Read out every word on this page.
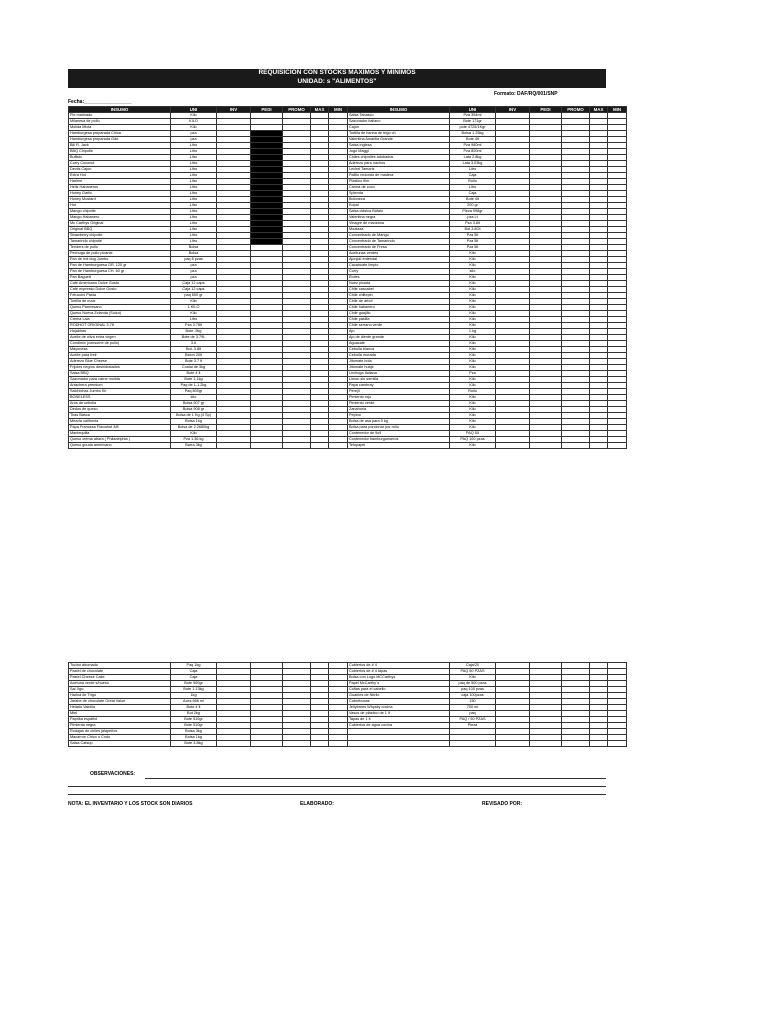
REQUISICIÓN CON STOCKS MAXIMOS Y MINIMOS
UNIDAD: s "ALIMENTOS"
Formato: DAF/RQ/001/SNP
Fecha:_________________
INSUMO	UNI	INV	PEDI	PROMO	MAX	MIN	INSUMO	UNI	INV	PEDI	PROMO	MAX	MIN
Pie marinado	Kilo						Salsa Tabasco	Pza 354ml					
Milanesa de pollo	KILO						Sazonador italiano	Bote 171gr					
Molida Mixta	Kilo						Cajún	pote 4725/1Kgr					
Hamburgesa preparada Chica	pza						Tortilla de harina de trigo ch	Bolsa 1.25kg					
Hamburgesa preparada Gde.	pza						Valentina Amarilla Grande	Bote 4lt					
Bill R. Jack	Litro						Salsa inglesa	Pza 980ml					
BBQ Chipotle	Litro						Jugo Maggi	Pza 800ml					
Buffalo	Litro						Chiles chipotles adobados	Lata 2.8kg					
Curry Coconut	Litro						Aderezo para nachos	Lata 3.03kg					
Devils Cajun	Litro						Lechel Tamariz	Litro					
Extra Hot	Litro						Palillo redondo de madera	Caja					
Harlem	Litro						Plastico film	Rollo					
Hells Habaneros	Litro						Crema de coco	Litro					
Honey Garlic	Litro						Splenda	Caja					
Honey Mustard	Litro						Boloneza	Bote 4lt					
Hot	Litro						Kopal	200 gr					
Mango chipotle	Litro						Salsa clásica Búfalo	Pieza 998gr					
Mango Habanero	Litro						Valentina negra	pza Lt					
Mc Carthys Original	Litro						Vinagre de manzana	Pza 3.8lt					
Original BBQ	Litro						Moztaza	Bot 3.8Ot					
Strawberry chipotle	Litro						Concentrado de Mango	Pza 5lt					
Tamarindo chipotle	Litro						Concentrado de Tamarindo	Pza 5lt					
Tenders de pollo	Bolsa						Concentrado de Fresa	Pza 5lt					
Pechuga de pollo picante	Bolsa						Aceitunas verdes	Kilo					
Pan de hot dog Jumbo	paq 8 pzas						Ajonjolí entendal	Kilo					
Pan de Hamburguesa GR. 120 gr	pza						Cacahuate limpio	Kilo					
Pan de Hamburguesa CH. 60 gr	pza						Curry	kilo					
Pan Baguett	pza						Elotes	Kilo					
Café Americano Dolce Gusto	Caja 12 caps						Nuez picada	Kilo					
Café expresso Dolce Gusto	Caja 12 caps						Chile cascabel	Kilo					
Fetuccini Pasta	paq 500 gr						Chile chiltepin	Kilo					
Tortilla de maíz	Kilo						Chile de árbol	Kilo					
Queso Parmesano	1 KILO						Chile habanero	Kilo					
Queso Nueva Zelanda (Suizo)	Kilo						Chile guajillo	Kilo					
Crema Lala	Litro						Chile pasilla	Kilo					
RODHOT ORIGINAL 3.78	Pza 3.78lt						Chile serrano verde	Kilo					
Hojaldras	Bote .9kg						Ajo	1 kg					
Aceite de oliva extra virgen	Bote de 3.79L						Ajo de diente grande	Kilo					
Condimix (consome de pollo)	3.6						Aguacate	Kilo					
Mayonesa	Bot. 3.8lt						Cebolla blanca	Kilo					
Aceite para freir	Bidon 20lt						Cebolla morada	Kilo					
Aderezo Blue Cheese	Bote 3.7 lt						Jitomate bola	Kilo					
Frijoles negros deshidratados	Costal de 3kg						Jitomate huaje	Kilo					
Salsa BBQ	Bote 4 lt						Lechuga Italiana	Pza					
Sazonador para carne molida	Bote 1.1kg						Limon sin semilla	Kilo					
Arrachera premium	Paq de 1-1.2kg						Papa cambray	Kilo					
Salchichas Jumbo Kir	Paq 800gr						Perejil	Rollo					
BONELESS	kilo						Pimiento rojo	Kilo					
Aros de cebolla	Bolsa 907 gr						Pimiento verde	Kilo					
Dedos de queso	Bolsa 908 gr						Zanahoria	Kilo					
Tiras Basca	Bolsa de 1 Kg (4 Sp)						Pepino	Kilo					
Mezcla california	Bolsa 1kg						Bolsa de asa para 5 kg	Kilo					
Papa Francesa Flavortwt 3/8	Bolsa de 2.2680kg						Bolsa para porcionar por rollo	Kilo					
Mantequilla	Kilo						Contenedor de 9x9	PAQ 50					
Queso crema abara ( Philadelphia )	Pza 1.36 kg						Contenedor hamburgueseros	PAQ 100 pzas					
Queso gouda americano	Barra 3kg						Telopapel	Kilo					
Tocino ahumado	Paq 1kg						Cubiertos de # 4	Caja/20					
Pastel de chocolate	Caja						Cubiertos de # 4 tapas	PAQ 50 PZAS					
Pastel Cheese Cake	Caja						Bolsa con Logo MCCarthys	Kilo					
Acetuna verde s/hueso	Bote 900gr						Papel McCarthy´s	paq de 500 pzas					
Sal Jigo	Bote 1.13kg						Cofias para el cabello	paq 100 pzas					
Harina de Trigo	1kg						Guantes de Nitrilo	caja 100pzas					
Jarabe de chocolate Great Value	Aces 666 ml						Cubrebocas	150					
Helado Vainilla	Bote 4 lt						Jellybrees Whysky cocina	700 ml					
Miel	Bot 2kg						Vasos de plástico de 1 lt	paq					
Paprika español	Bote 510gr						Tapas de 1 lt	PAQ / 50 PZAS					
Pimienta negra	Bote 510gr						Cubiertos de agua cocina	Pieza					
Rodajas de chiles jalapeños	Bolsa 3kg												
Macarron Chico o Codo	Bolsa 1kg												
Salsa Catsup	Bote 3.8kg												
OBSERVACIONES:
NOTA: EL INVENTARIO Y LOS STOCK SON DIARIOS	ELABORADO:	REVISADO POR:
